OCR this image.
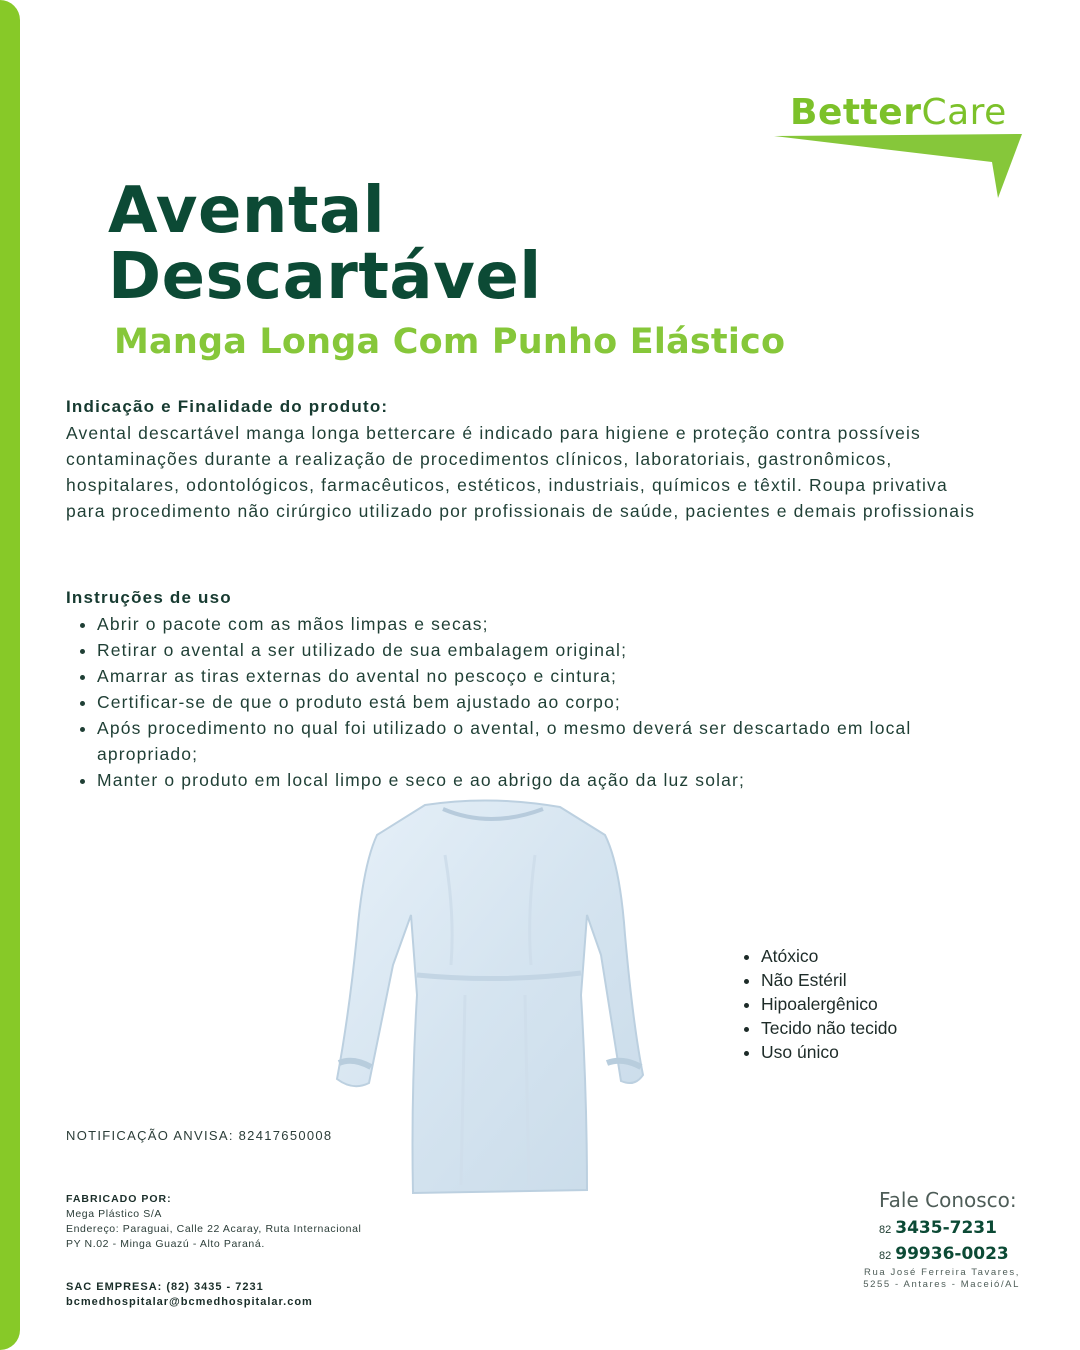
BetterCare
Avental
Descartável
Manga Longa Com Punho Elástico
Indicação e Finalidade do produto:

Avental descartável manga longa bettercare é indicado para higiene e proteção contra possíveis contaminações durante a realização de procedimentos clínicos, laboratoriais, gastronômicos, hospitalares, odontológicos, farmacêuticos, estéticos, industriais, químicos e têxtil. Roupa privativa para procedimento não cirúrgico utilizado por profissionais de saúde, pacientes e demais profissionais

Instruções de uso
• Abrir o pacote com as mãos limpas e secas;
• Retirar o avental a ser utilizado de sua embalagem original;
• Amarrar as tiras externas do avental no pescoço e cintura;
• Certificar-se de que o produto está bem ajustado ao corpo;
• Após procedimento no qual foi utilizado o avental, o mesmo deverá ser descartado em local apropriado;
• Manter o produto em local limpo e seco e ao abrigo da ação da luz solar;
• Atóxico
• Não Estéril
• Hipoalergênico
• Tecido não tecido
• Uso único
NOTIFICAÇÃO ANVISA: 82417650008
FABRICADO POR:
Mega Plástico S/A
Endereço: Paraguai, Calle 22 Acaray, Ruta Internacional
PY N.02 - Minga Guazú - Alto Paraná.
SAC EMPRESA: (82) 3435 - 7231
bcmedhospitalar@bcmedhospitalar.com
Fale Conosco:
82 3435-7231
82 99936-0023
Rua José Ferreira Tavares,
5255 - Antares - Maceió/AL
